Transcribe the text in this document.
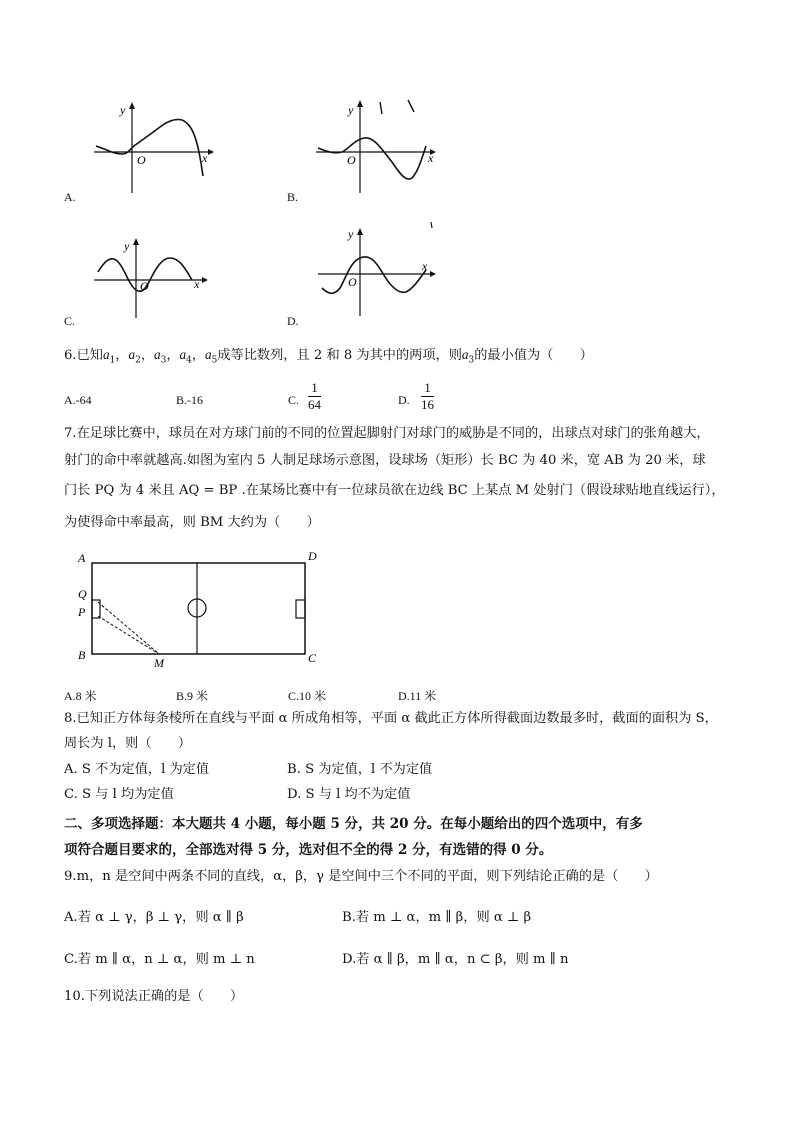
O	x
y
A.
O	x
y
B.
O	x
y
C.
O
x
y
D.
6.已知$a_1$，$a_2$，$a_3$，$a_4$，$a_5$成等比数列，且 2 和 8 为其中的两项，则$a_3$的最小值为（　　）
A.-64	B.-16	C. $\frac{1}{64}$	D. $\frac{1}{16}$
7.在足球比赛中，球员在对方球门前的不同的位置起脚射门对球门的威胁是不同的，出球点对球门的张角越大，
射门的命中率就越高.如图为室内 5 人制足球场示意图，设球场（矩形）长 BC 为 40 米，宽 AB 为 20 米，球
门长 PQ 为 4 米且 AQ = BP .在某场比赛中有一位球员欲在边线 BC 上某点 M 处射门（假设球贴地直线运行），
为使得命中率最高，则 BM 大约为（　　）
A	D
Q
P
B
M	C
A.8 米	B.9 米	C.10 米	D.11 米
8.已知正方体每条棱所在直线与平面 α 所成角相等，平面 α 截此正方体所得截面边数最多时，截面的面积为 S，
周长为 l，则（　　）
A. S 不为定值，l 为定值	B. S 为定值，l 不为定值
C. S 与 l 均为定值	D. S 与 l 均不为定值
二、多项选择题：本大题共 4 小题，每小题 5 分，共 20 分。在每小题给出的四个选项中，有多
项符合题目要求的，全部选对得 5 分，选对但不全的得 2 分，有选错的得 0 分。
9.m，n 是空间中两条不同的直线，α，β，γ 是空间中三个不同的平面，则下列结论正确的是（　　）
A.若 α ⊥ γ，β ⊥ γ，则 α ∥ β	B.若 m ⊥ α，m ∥ β，则 α ⊥ β
C.若 m ∥ α，n ⊥ α，则 m ⊥ n	D.若 α ∥ β，m ∥ α，n ⊂ β，则 m ∥ n
10.下列说法正确的是（　　）
